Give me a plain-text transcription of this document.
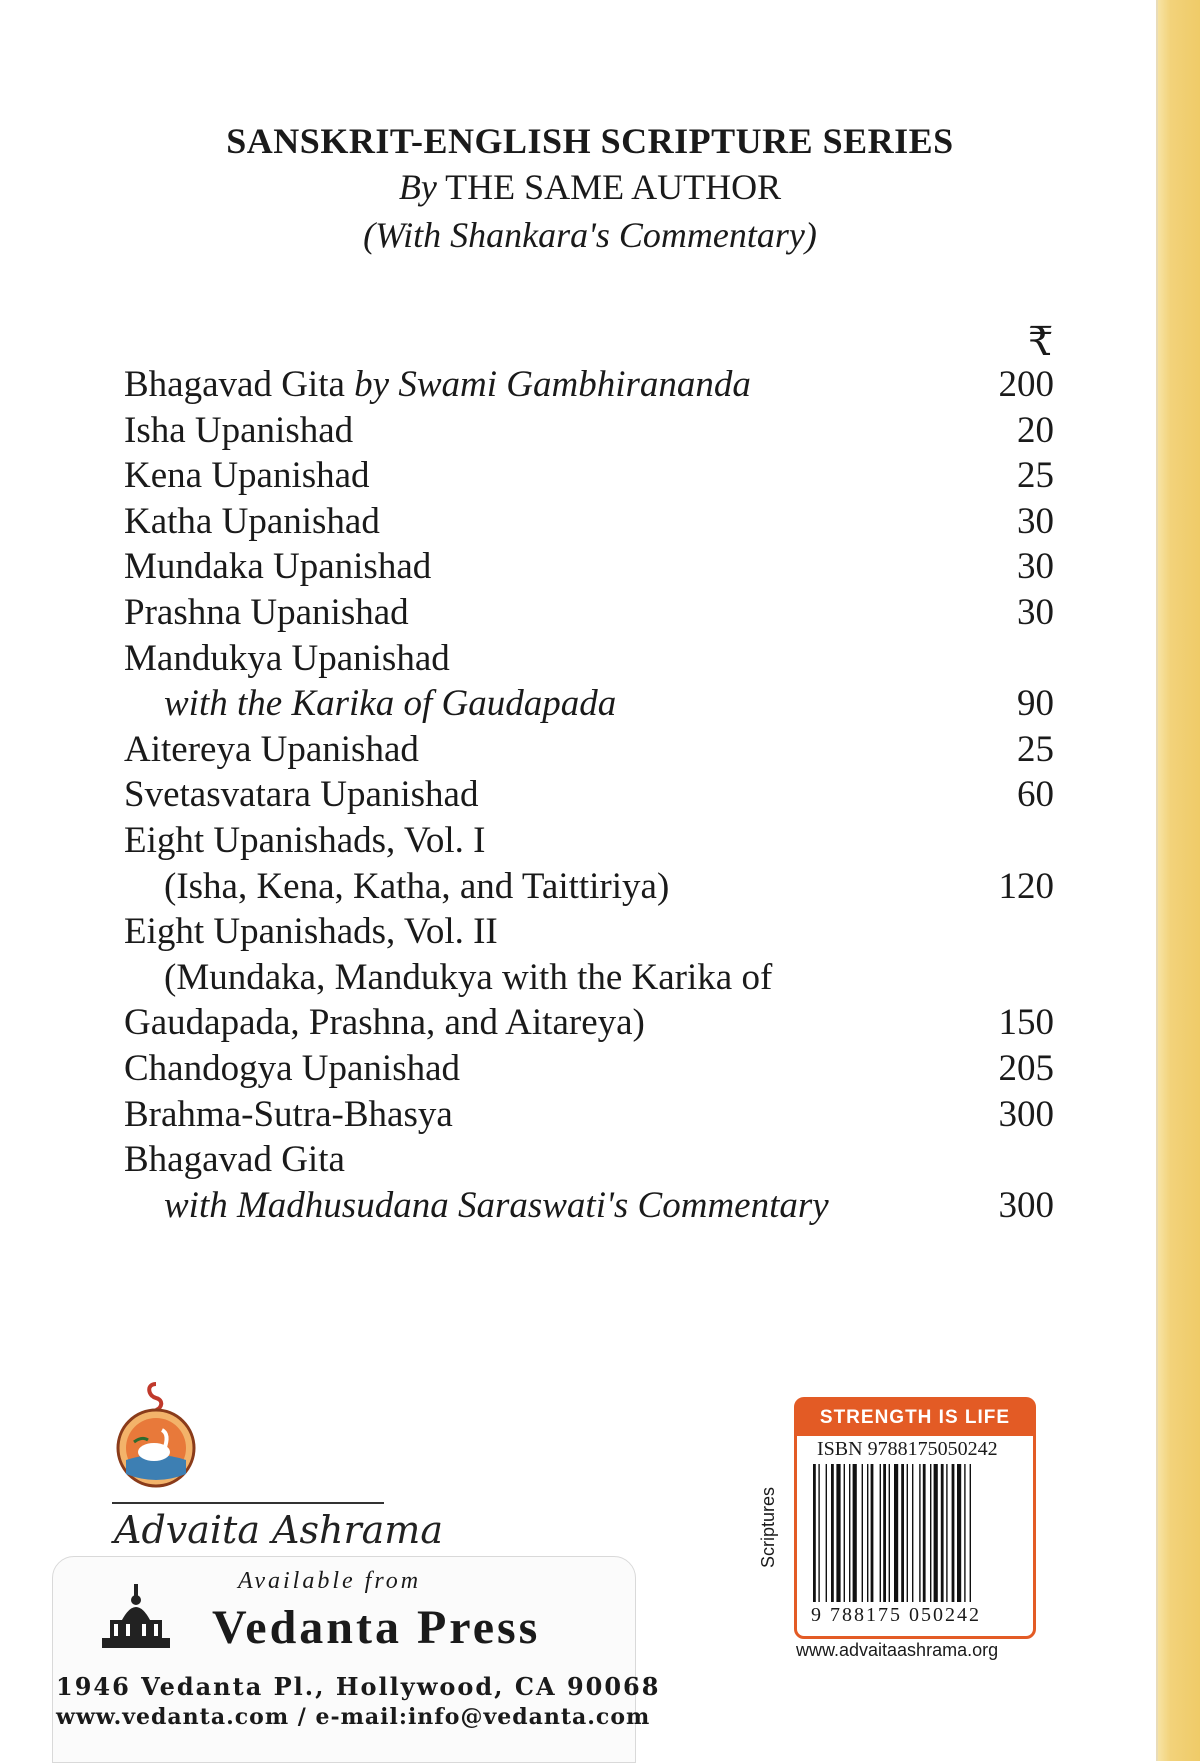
SANSKRIT-ENGLISH SCRIPTURE SERIES
By THE SAME AUTHOR
(With Shankara's Commentary)
₹
Bhagavad Gita by Swami Gambhirananda	200
Isha Upanishad	20
Kena Upanishad	25
Katha Upanishad	30
Mundaka Upanishad	30
Prashna Upanishad	30
Mandukya Upanishad
with the Karika of Gaudapada	90
Aitereya Upanishad	25
Svetasvatara Upanishad	60
Eight Upanishads, Vol. I
(Isha, Kena, Katha, and Taittiriya)	120
Eight Upanishads, Vol. II
(Mundaka, Mandukya with the Karika of
Gaudapada, Prashna, and Aitareya)	150
Chandogya Upanishad	205
Brahma-Sutra-Bhasya	300
Bhagavad Gita
with Madhusudana Saraswati's Commentary	300
Advaita Ashrama
Available from
Vedanta Press
1946 Vedanta Pl., Hollywood, CA 90068
www.vedanta.com / e-mail:info@vedanta.com
Scriptures
STRENGTH IS LIFE
ISBN 9788175050242
9 788175 050242
www.advaitaashrama.org
